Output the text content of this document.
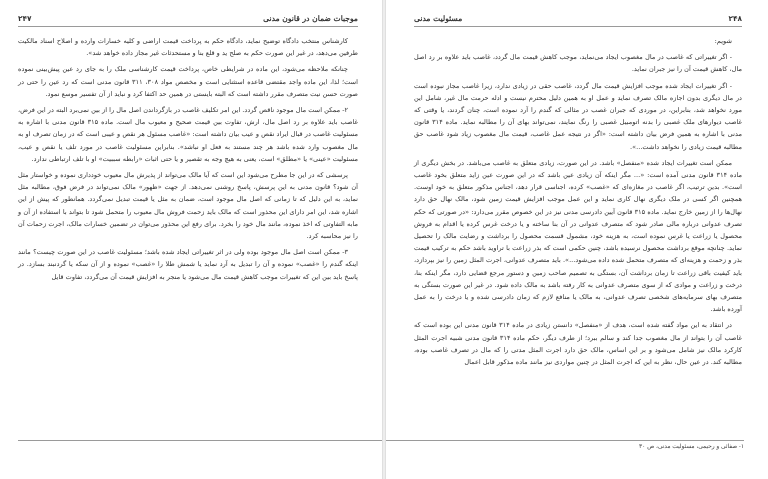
موجبات ضمان در قانون مدنی
۲۴۷

کارشناس منتخب دادگاه توضیح نماید، دادگاه حکم به پرداخت قیمت اراضی و کلیه خسارات وارده و اصلاح اسناد مالکیت طرفین می‌دهد، در غیر این صورت حکم به صلح ید و قلع بنا و مستحدثات غیر مجاز داده خواهد شد».

چنانکه ملاحظه می‌شود، این ماده در شرایطی خاص، پرداخت قیمت کارشناسی ملک را به جای رد عین پیش‌بینی نموده است؛ لذا، این ماده واجد مقتضی قاعده استثنایی است و مخصص مواد ۳۰۸، ۳۱۱ قانون مدنی است که رد عین را حتی در صورت حسن نیت متصرف مقرر داشته است که البته بایستی در همین حد اکتفا کرد و نباید از آن تفسیر موسع نمود.

۲- ممکن است مال موجود ناقص گردد. این امر تکلیف غاصب در بازگرداندن اصل مال را از بین نمی‌برد البته در این فرض، غاصب باید علاوه بر رد اصل مال، ارش، تفاوت بین قیمت صحیح و معیوب مال است. ماده ۳۱۵ قانون مدنی با اشاره به مسئولیت غاصب در قبال ایراد نقص و عیب بیان داشته است: «غاصب مسئول هر نقص و عیبی است که در زمان تصرف او به مال مغصوب وارد شده باشد هر چند مستند به فعل او نباشد». بنابراین مسئولیت غاصب در مورد تلف یا نقص و عیب، مسئولیت «عینی» یا «مطلق» است، یعنی به هیچ وجه به تقصیر و یا حتی اثبات «رابطه سببیت» او با تلف ارتباطی ندارد.

پرسشی که در این جا مطرح می‌شود این است که آیا مالک می‌تواند از پذیرش مال معیوب خودداری نموده و خواستار مثل آن شود؟ قانون مدنی به این پرسش، پاسخ روشنی نمی‌دهد. از جهت «ظهور» مالک نمی‌تواند در فرض فوق، مطالبه مثل نماید، به این دلیل که تا زمانی که اصل مال موجود است، ضمان به مثل یا قیمت تبدیل نمی‌گردد. همانطور که پیش از این اشاره شد، این امر دارای این محذور است که مالک باید زحمت فروش مال معیوب را متحمل شود تا بتواند با استفاده از آن و مابه التفاوتی که اخذ نموده، مانند مال خود را بخرد. برای رفع این محذور می‌توان در تضمین خسارات مالک، اجرت زحمات آن را نیز محاسبه کرد.

۳- ممکن است اصل مال موجود بوده ولی در اثر تغییراتی ایجاد شده باشد؛ مسئولیت غاصب در این صورت چیست؟ مانند اینکه گندم را «غصب» نموده و آن را تبدیل به آرد نماید یا شمش طلا را «غصب» نموده و از آن سکه یا گردنبند بسازد. در پاسخ باید بین این که تغییرات موجب کاهش قیمت مال می‌شود یا منجر به افزایش قیمت آن می‌گردد، تفاوت قایل

۱- صفائی و رحیمی، مسئولیت مدنی، ص ۳۰
۲۴۸
مسئولیت مدنی

شویم:

- اگر تغییراتی که غاصب در مال مغصوب ایجاد می‌نماید، موجب کاهش قیمت مال گردد، غاصب باید علاوه بر رد اصل مال، کاهش قیمت آن را نیز جبران نماید.

- اگر تغییرات ایجاد شده موجب افزایش قیمت مال گردد، غاصب حقی در زیادی ندارد، زیرا غاصب مجاز نبوده است در مال دیگری بدون اجازه مالک تصرف نماید و عمل او به همین دلیل محترم نیست و ادله حرمت مال غیر، شامل این مورد نخواهد شد، بنابراین، در موردی که جبران غصب در مثالی که گندم را آرد نموده است، چنان گردند، یا وقتی که غاصب دیوارهای ملک غصبی را بدنه اتومبیل غصبی را رنگ نمایند، نمی‌تواند بهای آن را مطالبه نماید. ماده ۳۱۴ قانون مدنی با اشاره به همین فرض بیان داشته است: «اگر در نتیجه عمل غاصب، قیمت مال مغصوب زیاد شود غاصب حق مطالبه قیمت زیادی را نخواهد داشت...».

ممکن است تغییرات ایجاد شده «منفصل» باشد. در این صورت، زیادی متعلق به غاصب می‌باشد. در بخش دیگری از ماده ۳۱۴ قانون مدنی آمده است: «... مگر اینکه آن زیادی عین باشد که در این صورت عین زاید متعلق بخود غاصب است». بدین ترتیب، اگر غاصب در مغازه‌ای که «غصب» کرده، اجناسی قرار دهد، اجناس مذکور متعلق به خود اوست. همچنین اگر کسی در ملک دیگری نهال کاری نماید و این عمل موجب افزایش قیمت زمین شود، مالک نهال حق دارد نهال‌ها را از زمین خارج نماید. ماده ۳۱۵ قانون آیین دادرسی مدنی نیز در این خصوص مقرر می‌دارد: «در صورتی که حکم تصرف عدوانی درباره مالی صادر شود که متصرف عدوانی در آن بنا ساخته و یا درخت غرس کرده یا اقدام به فروش محصول یا زراعت یا غرس نموده است، به هزینه خود، مشمول قسمت محصول را برداشت و رضایت مالک را تحصیل نماید. چنانچه موقع برداشت محصول نرسیده باشد، چنین حکمی است که بذر زراعت با تراوید باشد حکم به ترکیب قیمت بذر و زحمت و هزینه‌ای که متصرف متحمل شده داده می‌شود...». باید متصرف عدوانی، اجرت المثل زمین را نیز بپردازد، باید کیفیت باقی زراعت تا زمان برداشت آن، بستگی به تصمیم صاحب زمین و دستور مرجع قضایی دارد، مگر اینکه بنا، درخت و زراعت و موادی که از سوی متصرف عدوانی به کار رفته باشد به مالک داده شود. در غیر این صورت بستگی به متصرف بهای سرمایه‌های شخصی تصرف عدوانی، به مالک یا منافع لازم که زمان دادرسی شده و یا درخت را به عمل آورده باشد.

در انتقاد به این مواد گفته شده است، هدف از «منفصل» دانستن زیادی در ماده ۳۱۴ قانون مدنی این بوده است که غاصب آن را بتواند از مال مغصوب جدا کند و سالم ببرد؛ از طرف دیگر، حکم ماده ۳۱۴ قانون مدنی شبیه اجرت المثل کارکرد مالک نیز شامل می‌شود و بر این اساس، مالک حق دارد اجرت المثل مدتی را که مال در تصرف غاصب بوده، مطالبه کند. در عین حال، نظر به این که اجرت المثل در چنین مواردی نیز مانند ماده مذکور قابل اعمال
